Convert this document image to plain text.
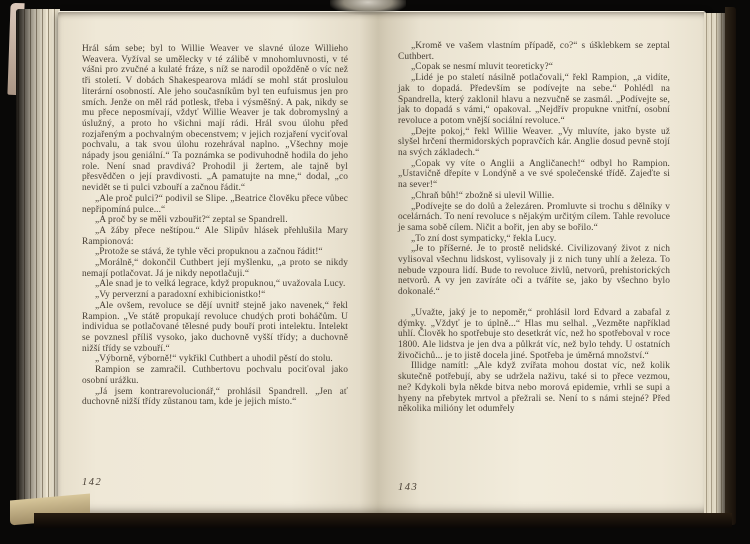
Hrál sám sebe; byl to Willie Weaver ve slavné úloze Willieho Weavera. Vyžíval se umělecky v té zálibě v mnohomluvnosti, v té vášni pro zvučné a kulaté fráze, s níž se narodil opožděně o víc než tři století. V dobách Shakespearova mládí se mohl stát proslulou literární osobností. Ale jeho současníkům byl ten eufuismus jen pro smích. Jenže on měl rád potlesk, třeba i výsměšný. A pak, nikdy se mu přece neposmívají, vždyť Willie Weaver je tak dobromyslný a úslužný, a proto ho všichni mají rádi. Hrál svou úlohu před rozjařeným a pochvalným obecenstvem; v jejich rozjaření vyciťoval pochvalu, a tak svou úlohu rozehrával naplno. „Všechny moje nápady jsou geniální.“ Ta poznámka se podivuhodně hodila do jeho role. Není snad pravdivá? Prohodil ji žertem, ale tajně byl přesvědčen o její pravdivosti. „A pamatujte na mne,“ dodal, „co nevidět se ti pulci vzbouří a začnou řádit.“

„Ale proč pulci?“ podivil se Slipe. „Beatrice člověku přece vůbec nepřipomíná pulce...“

„A proč by se měli vzbouřit?“ zeptal se Spandrell.

„A žáby přece neštípou.“ Ale Slipův hlásek přehlušila Mary Rampionová:

„Protože se stává, že tyhle věci propuknou a začnou řádit!“

„Morálně,“ dokončil Cuthbert její myšlenku, „a proto se nikdy nemají potlačovat. Já je nikdy nepotlačuji.“

„Ale snad je to velká legrace, když propuknou,“ uvažovala Lucy.

„Vy perverzní a paradoxní exhibicionistko!“

„Ale ovšem, revoluce se dějí uvnitř stejně jako navenek,“ řekl Rampion. „Ve státě propukají revoluce chudých proti boháčům. U individua se potlačované tělesné pudy bouří proti intelektu. Intelekt se povznesl příliš vysoko, jako duchovně vyšší třídy; a duchovně nižší třídy se vzbouří.“

„Výborně, výborně!“ vykřikl Cuthbert a uhodil pěstí do stolu.

Rampion se zamračil. Cuthbertovu pochvalu pociťoval jako osobní urážku.

„Já jsem kontrarevolucionář,“ prohlásil Spandrell. „Jen ať duchovně nižší třídy zůstanou tam, kde je jejich místo.“

„Kromě ve vašem vlastním případě, co?“ s úšklebkem se zeptal Cuthbert.

„Copak se nesmí mluvit teoreticky?“

„Lidé je po staletí násilně potlačovali,“ řekl Rampion, „a vidíte, jak to dopadá. Především se podívejte na sebe.“ Pohlédl na Spandrella, který zaklonil hlavu a nezvučně se zasmál. „Podívejte se, jak to dopadá s vámi,“ opakoval. „Nejdřív propukne vnitřní, osobní revoluce a potom vnější sociální revoluce.“

„Dejte pokoj,“ řekl Willie Weaver. „Vy mluvíte, jako byste už slyšel hrčení thermidorských popravčích kár. Anglie dosud pevně stojí na svých základech.“

„Copak vy víte o Anglii a Angličanech!“ odbyl ho Rampion. „Ustavičně dřepíte v Londýně a ve své společenské třídě. Zajeďte si na sever!“

„Chraň bůh!“ zbožně si ulevil Willie.

„Podívejte se do dolů a železáren. Promluvte si trochu s dělníky v ocelárnách. To není revoluce s nějakým určitým cílem. Tahle revoluce je sama sobě cílem. Ničit a bořit, jen aby se bořilo.“

„To zní dost sympaticky,“ řekla Lucy.

„Je to příšerné. Je to prostě nelidské. Civilizovaný život z nich vylisoval všechnu lidskost, vylisovaly ji z nich tuny uhlí a železa. To nebude vzpoura lidí. Bude to revoluce živlů, netvorů, prehistorických netvorů. A vy jen zavíráte oči a tváříte se, jako by všechno bylo dokonalé.“

„Uvažte, jaký je to nepoměr,“ prohlásil lord Edvard a zabafal z dýmky. „Vždyť je to úplně...“ Hlas mu selhal. „Vezměte například uhlí. Člověk ho spotřebuje sto desetkrát víc, než ho spotřeboval v roce 1800. Ale lidstva je jen dva a půlkrát víc, než bylo tehdy. U ostatních živočichů... je to jistě docela jiné. Spotřeba je úměrná množství.“

Illidge namítl: „Ale když zvířata mohou dostat víc, než kolik skutečně potřebují, aby se udržela naživu, také si to přece vezmou, ne? Kdykoli byla někde bitva nebo morová epidemie, vrhli se supi a hyeny na přebytek mrtvol a přežrali se. Není to s námi stejné? Před několika milióny let odumřely

142	143
